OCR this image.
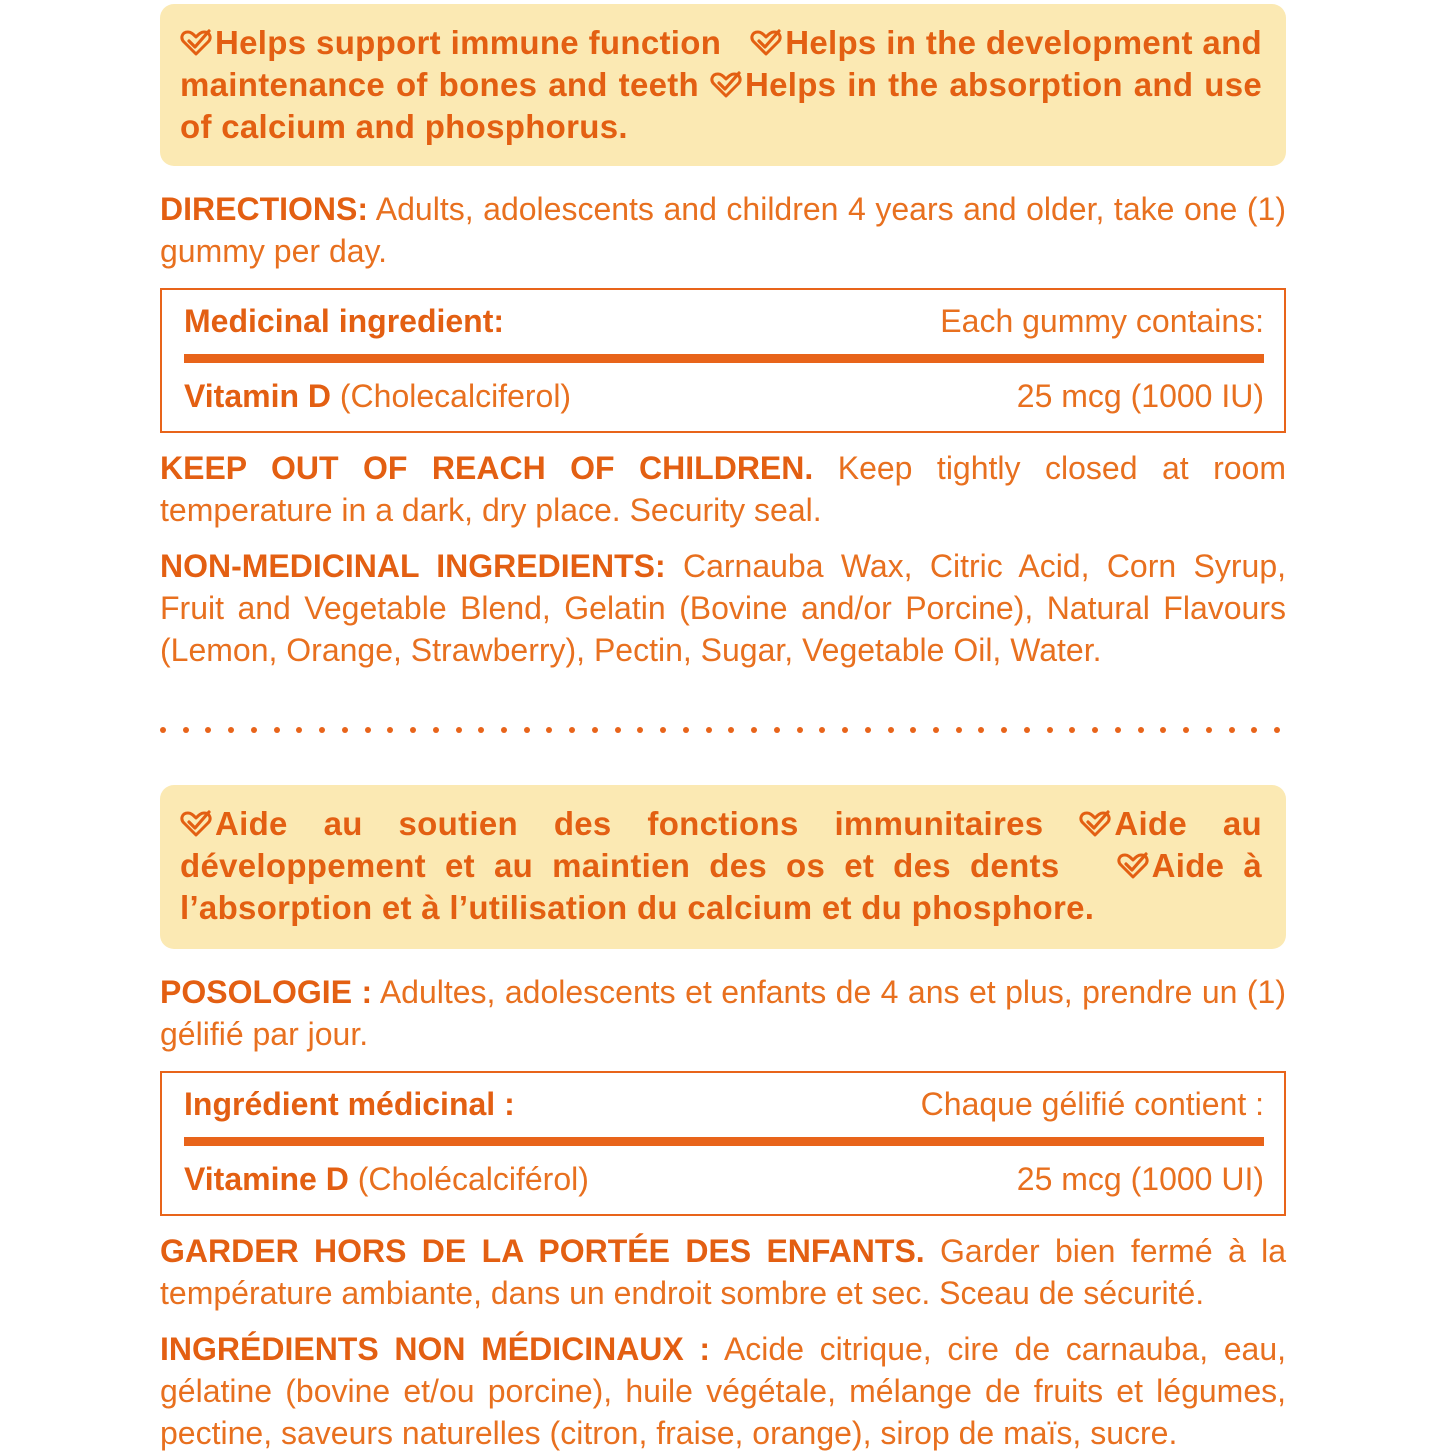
Helps support immune function Helps in the development and maintenance of bones and teeth Helps in the absorption and use of calcium and phosphorus.
DIRECTIONS: Adults, adolescents and children 4 years and older, take one (1) gummy per day.
Medicinal ingredient:	Each gummy contains:
Vitamin D (Cholecalciferol)	25 mcg (1000 IU)
KEEP OUT OF REACH OF CHILDREN. Keep tightly closed at room temperature in a dark, dry place. Security seal.
NON-MEDICINAL INGREDIENTS: Carnauba Wax, Citric Acid, Corn Syrup, Fruit and Vegetable Blend, Gelatin (Bovine and/or Porcine), Natural Flavours (Lemon, Orange, Strawberry), Pectin, Sugar, Vegetable Oil, Water.
Aide au soutien des fonctions immunitaires Aide au développement et au maintien des os et des dents	Aide à l’absorption et à l’utilisation du calcium et du phosphore.
POSOLOGIE : Adultes, adolescents et enfants de 4 ans et plus, prendre un (1) gélifié par jour.
Ingrédient médicinal :	Chaque gélifié contient :
Vitamine D (Cholécalciférol)	25 mcg (1000 UI)
GARDER HORS DE LA PORTÉE DES ENFANTS. Garder bien fermé à la température ambiante, dans un endroit sombre et sec. Sceau de sécurité.
INGRÉDIENTS NON MÉDICINAUX : Acide citrique, cire de carnauba, eau, gélatine (bovine et/ou porcine), huile végétale, mélange de fruits et légumes, pectine, saveurs naturelles (citron, fraise, orange), sirop de maïs, sucre.
